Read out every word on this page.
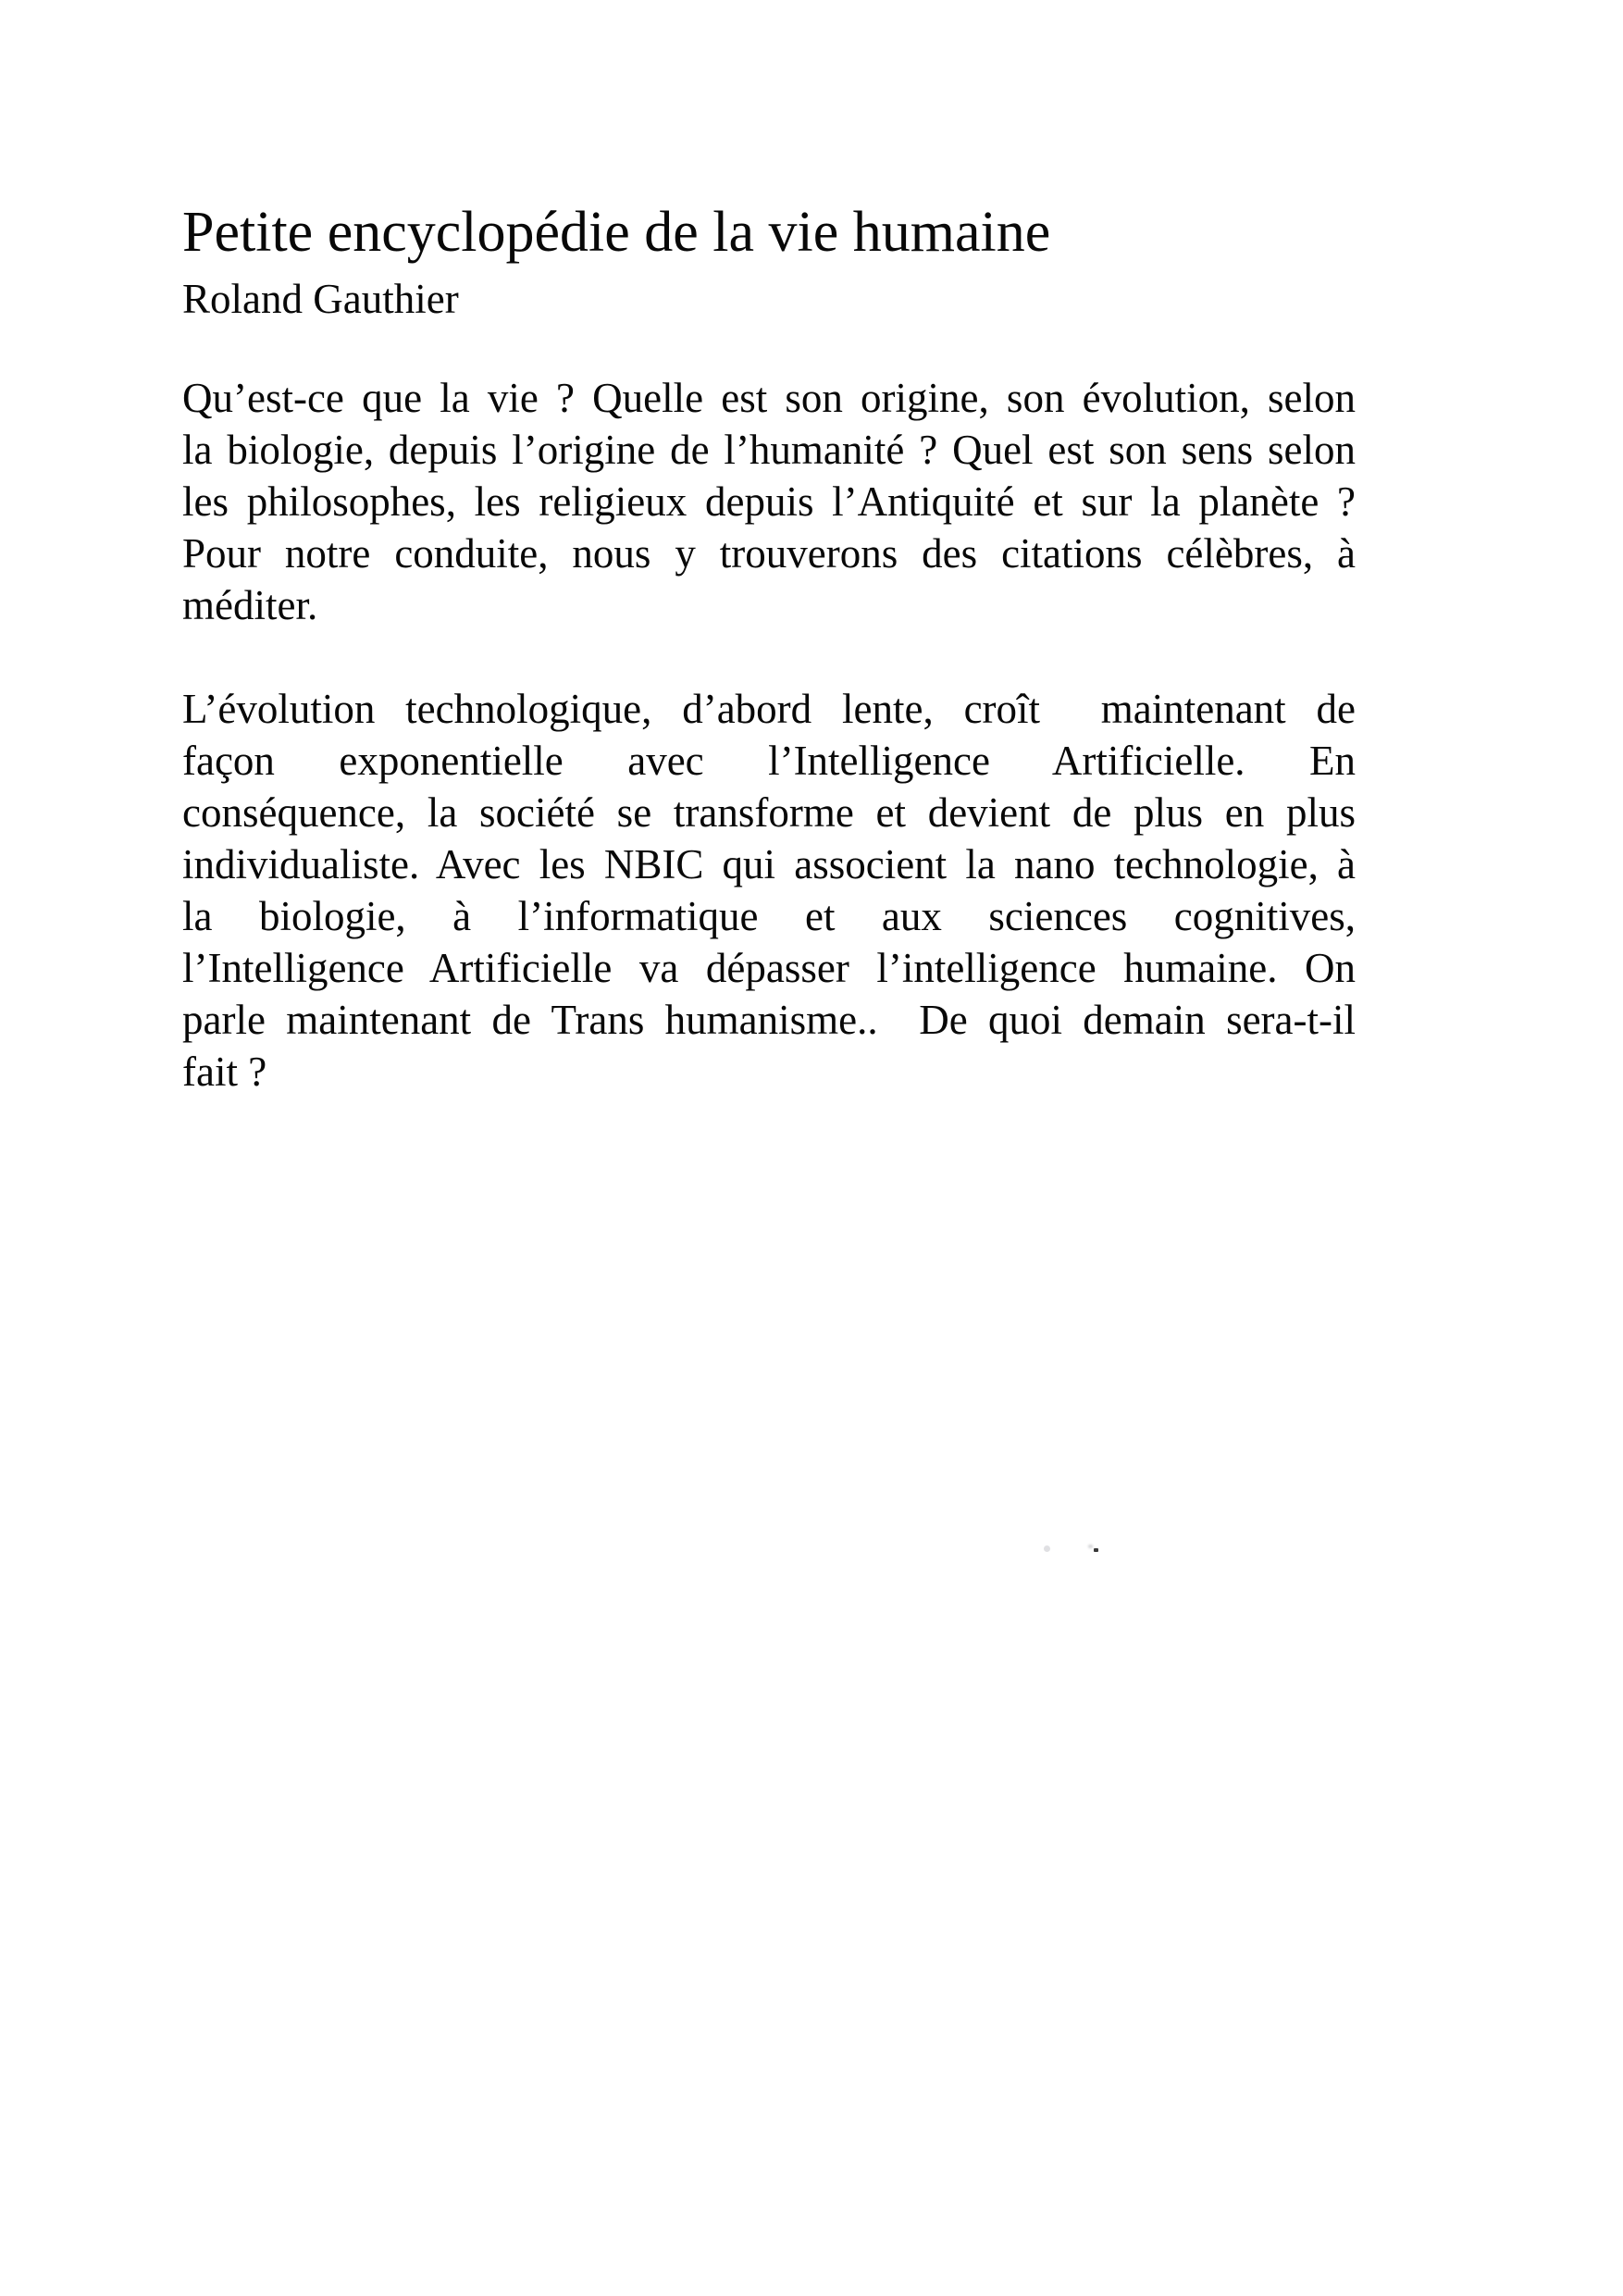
Petite encyclopédie de la vie humaine
Roland Gauthier
Qu’est-ce que la vie ? Quelle est son origine, son évolution, selon
la biologie, depuis l’origine de l’humanité ? Quel est son sens selon
les philosophes, les religieux depuis l’Antiquité et sur la planète ?
Pour notre conduite, nous y trouverons des citations célèbres, à
méditer.
L’évolution technologique, d’abord lente, croît  maintenant de
façon exponentielle avec l’Intelligence Artificielle. En
conséquence, la société se transforme et devient de plus en plus
individualiste. Avec les NBIC qui associent la nano technologie, à
la biologie, à l’informatique et aux sciences cognitives,
l’Intelligence Artificielle va dépasser l’intelligence humaine. On
parle maintenant de Trans humanisme..  De quoi demain sera-t-il
fait ?
